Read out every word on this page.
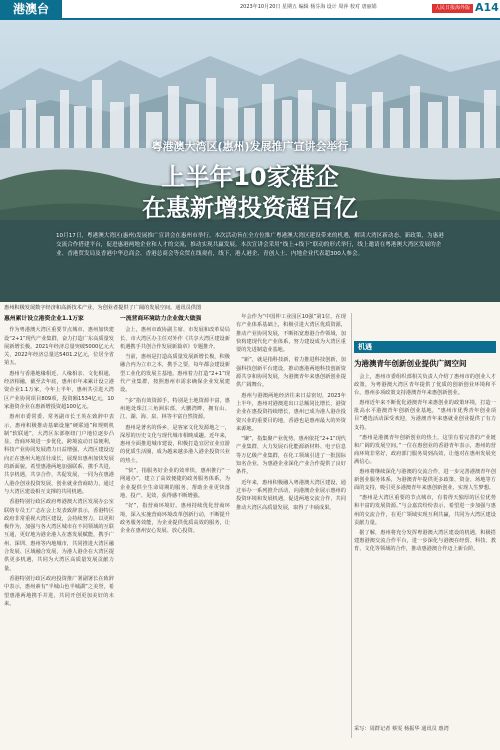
港澳台	2023年10月20日 星期五 编辑 杨芬海 设计 周萍 校对 唐丽娟	人民日报海外版 A14
粤港澳大湾区(惠州)发展推广宣讲会举行
上半年10家港企
在惠新增投资超百亿
10月17日，粤港澳大湾区(惠州)发展推广宣讲会在惠州市举行。本次活动旨在全方位推广粤港澳大湾区建设带来的机遇，解读大湾区新动态、新政策，为惠港交流合作搭建平台，促进惠港两地企业和人才的交流，推动实现共赢发展。本次宣讲会采用“线上+线下”联动的形式举行，线上邀请在粤港澳大湾区发展的企业、香港贸发局及香港中华总商会、香港总商会等众贸在线观看，线下，港人港企、青创人士、内地企业代表超300人参会。
惠州积极发展数字经济和高新技术产业，为创业者提供了广阔的发展空间。通讯员供图
惠州累计设立港资企业1.1万家

作为粤港澳大湾区重要节点城市，惠州加快建设“2+1”现代产业集群，奋力打造广东高质量发展新增长极。2021年经济总量突破5000亿元大关，2022年经济总量达5401.2亿元，位居全省第五。

惠州与香港地缘相近、人缘相亲、文化相通，经济相融，截至去年底，惠州市年来累计设立港资企业1.1万家，今年上半年，惠州共引进大湾区产业协同项目809项，投资额1534亿元，10家港资企业在惠新增投资超100亿元。

惠州市委常委、常务副市长王英在致辞中表示，惠州积极推动基础设施“硬联通”和规则机制“软联通”，大湾区东部枢纽门户地位逐步凸显，营商环境进一步优化，跨境流动日益便利，科技产业协同发展潜力日益增强，大湾区建设迈向正在惠州大地茁壮成长，展现出惠州加快发展的新面貌。希望惠港两地加强联系，携手共进，共享机遇，共享合作，共促发展，一同为在惠港人港企创业投资发展，创业就业营商助力，通过与大湾区建设相互支撑的共同机遇。

香港特别行政区政府粤港澳大湾区发展办公室联络专员王广志在会上发表致辞表示，香港特区政府非常重视大湾区建设，会持续努力，以更积极作为，加强与各大湾区城市在不同领域的互联互通，更好地为港企港人在惠发展赋能，携手广州、深圳、惠州等内地城市，共同推进大湾区融合发展、区域融合发展，为港人港企在大湾区提供更多机遇，共同为大湾区高质量发展贡献力量。

香港特别行政区政府投资推广署副署长在致辞中表示，惠州素有“半城山色半城湖”之美誉，希望惠港两地携手并进，共同开创更加美好的未来。

一流营商环境助力企业做大做强

会上，惠州市政协副主席、市发展和改革局局长、市大湾区办主任对外作《共享大湾区建设新机遇携手共创合作发展新篇章》专题推介。

当前，惠州是打造高质量发展新增长极，积极融合内为立市之本，携手之要，每年都会建设新型工业化的发展主基地。惠州着力打造“2+1”现代产业集群，按照惠州市需求确保企业发展建设。

“多”指有效资源手，特别是土地资源丰富，惠州地处珠江三角洲东部，大鹏湾畔，拥有山、江、湖、海、泉、林等丰富自然资源。

惠州是著名的侨乡，是客家文化发源地之一，深厚的历史文化与现代城市相映成趣。近年来，惠州全面推进城市建设，积极打造宜居宜业宜游的优质生活圈，成为越来越多港人港企投资兴业的热土。

“快”，指服务好企业的效率快，惠州推行“一网通办”，建立了高效便捷的政务服务体系，为企业提供全生命周期的服务，帮助企业更快落地、投产、见效，获得感不断增强。

“好”，指营商环境好。惠州持续优化营商环境，深入实施营商环境改革创新行动，不断提升政务服务效能，为企业提供优质高效的服务，让企业在惠州安心发展、放心投资。

年会作为“中国仲工业园区10强”第1位，在现有产业体系基础上，积极引进大湾区优质资源，推动产业协同发展，不断拓宽惠港合作领域，加快构建现代化产业体系，努力建设成为大湾区重要的先进制造业基地。

“新”，就是指科技新，着力推进科技创新，加强科技创新平台建设，推动惠港两地科技创新资源共享和协同发展，为港澳青年来惠创新创业提供广阔舞台。

惠州与港澳两地经济往来日益密切，2023年上半年，惠州对港澳进出口总额同比增长，港资企业在惠投资持续增长，惠州已成为港人港企投资兴业的重要目的地，香港也是惠州最大的外资来源地。

“聚”，指集聚产业优势。惠州依托“2+1”现代产业集群，大力发展石化能源新材料、电子信息等万亿级产业集群，在化工领域引进了一批国际知名企业，为惠港企业深化产业合作提供了良好条件。

近年来，惠州积极融入粤港澳大湾区建设，通过举办一系列推介活动，向港澳企业展示惠州的投资环境和发展机遇，促进两地交流合作，共同推动大湾区高质量发展，取得了丰硕成果。

机遇
为港澳青年创新创业提供广阔空间

会上，惠州市委组织部相关负责人介绍了惠州市的创业人才政策，为粤港澳大湾区青年提供了优质的创新创业环境和平台，惠州多项政策支持港澳青年来惠创新创业。

惠州近年来不断优化港澳青年来惠创业的政策环境，打造一批高水平港澳青年创新创业基地，“惠州市优秀青年创业项目”遴选活动深受欢迎，为港澳青年来惠就业创业提供了有力支持。

“惠州是港澳青年创新创业的热土，这里有着完善的产业链和广阔的发展空间。”一位在惠创业的香港青年表示，惠州的营商环境非常好，政府部门服务周到高效，让他对在惠州发展充满信心。

惠州将继续深化与港澳的交流合作，进一步完善港澳青年创新创业服务体系，为港澳青年提供更多政策、资金、场地等方面的支持，吸引更多港澳青年来惠创新创业，实现人生梦想。

“惠州是大湾区重要的节点城市，有着得天独厚的区位优势和丰富的发展资源。”与会嘉宾纷纷表示，希望进一步加强与惠州的交流合作，在更广领域实现互利共赢，共同为大湾区建设贡献力量。

据了解，惠州将充分发挥粤港澳大湾区建设的机遇，积极搭建惠港澳交流合作平台，进一步深化与港澳在经贸、科技、教育、文化等领域的合作，推动惠港澳合作迈上新台阶。

采写：周群记者 蔡雯 杨振华 通讯员 惠湾
